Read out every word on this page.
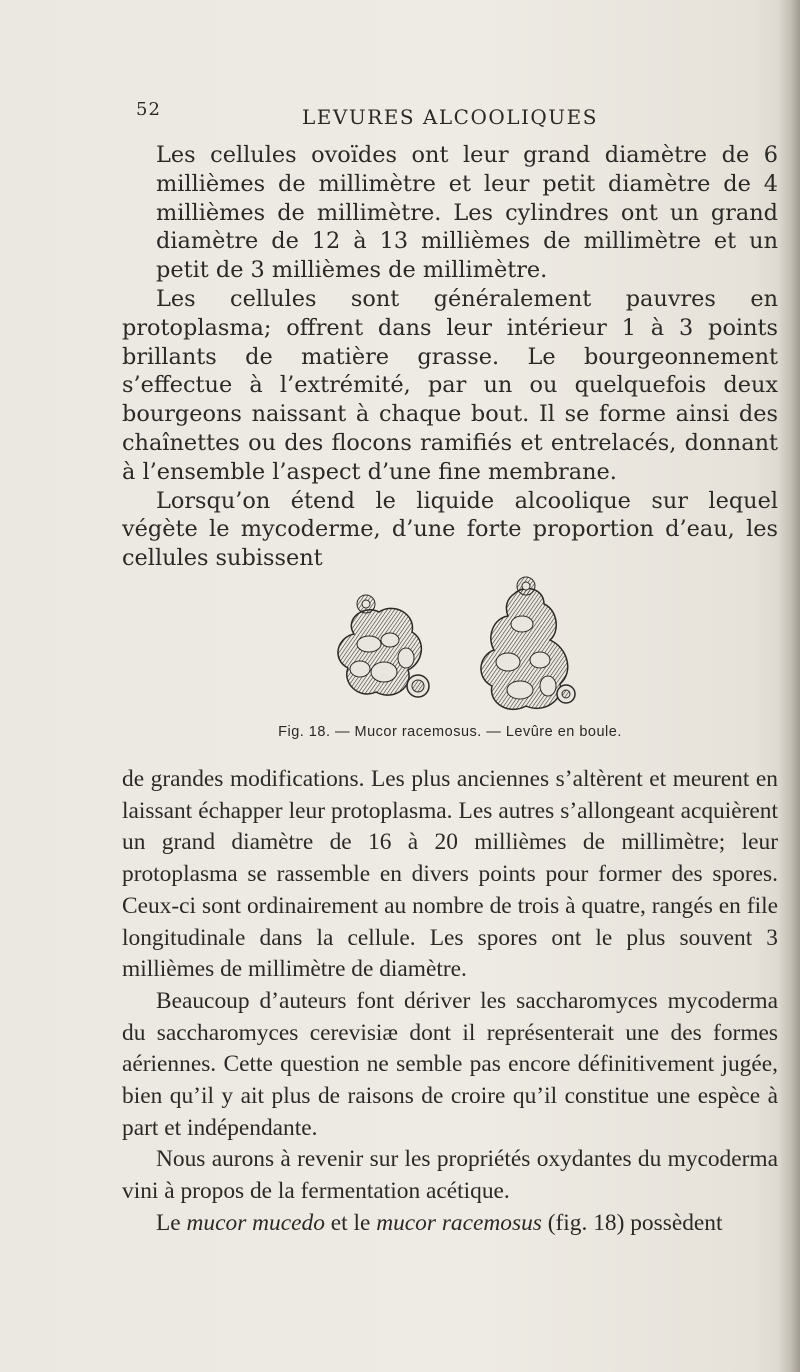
52	LEVURES ALCOOLIQUES

Les cellules ovoïdes ont leur grand diamètre de 6 millièmes de millimètre et leur petit diamètre de 4 millièmes de millimètre. Les cylindres ont un grand diamètre de 12 à 13 millièmes de millimètre et un petit de 3 millièmes de millimètre.

Les cellules sont généralement pauvres en protoplasma; offrent dans leur intérieur 1 à 3 points brillants de matière grasse. Le bourgeonnement s’effectue à l’extrémité, par un ou quelquefois deux bourgeons naissant à chaque bout. Il se forme ainsi des chaînettes ou des flocons ramifiés et entrelacés, donnant à l’ensemble l’aspect d’une fine membrane.

Lorsqu’on étend le liquide alcoolique sur lequel végète le mycoderme, d’une forte proportion d’eau, les cellules subissent

Fig. 18. — Mucor racemosus. — Levûre en boule.

de grandes modifications. Les plus anciennes s’altèrent et meurent en laissant échapper leur protoplasma. Les autres s’allongeant acquièrent un grand diamètre de 16 à 20 millièmes de millimètre; leur protoplasma se rassemble en divers points pour former des spores. Ceux-ci sont ordinairement au nombre de trois à quatre, rangés en file longitudinale dans la cellule. Les spores ont le plus souvent 3 millièmes de millimètre de diamètre.

Beaucoup d’auteurs font dériver les saccharomyces mycoderma du saccharomyces cerevisiæ dont il représenterait une des formes aériennes. Cette question ne semble pas encore définitivement jugée, bien qu’il y ait plus de raisons de croire qu’il constitue une espèce à part et indépendante.

Nous aurons à revenir sur les propriétés oxydantes du mycoderma vini à propos de la fermentation acétique.

Le mucor mucedo et le mucor racemosus (fig. 18) possèdent
